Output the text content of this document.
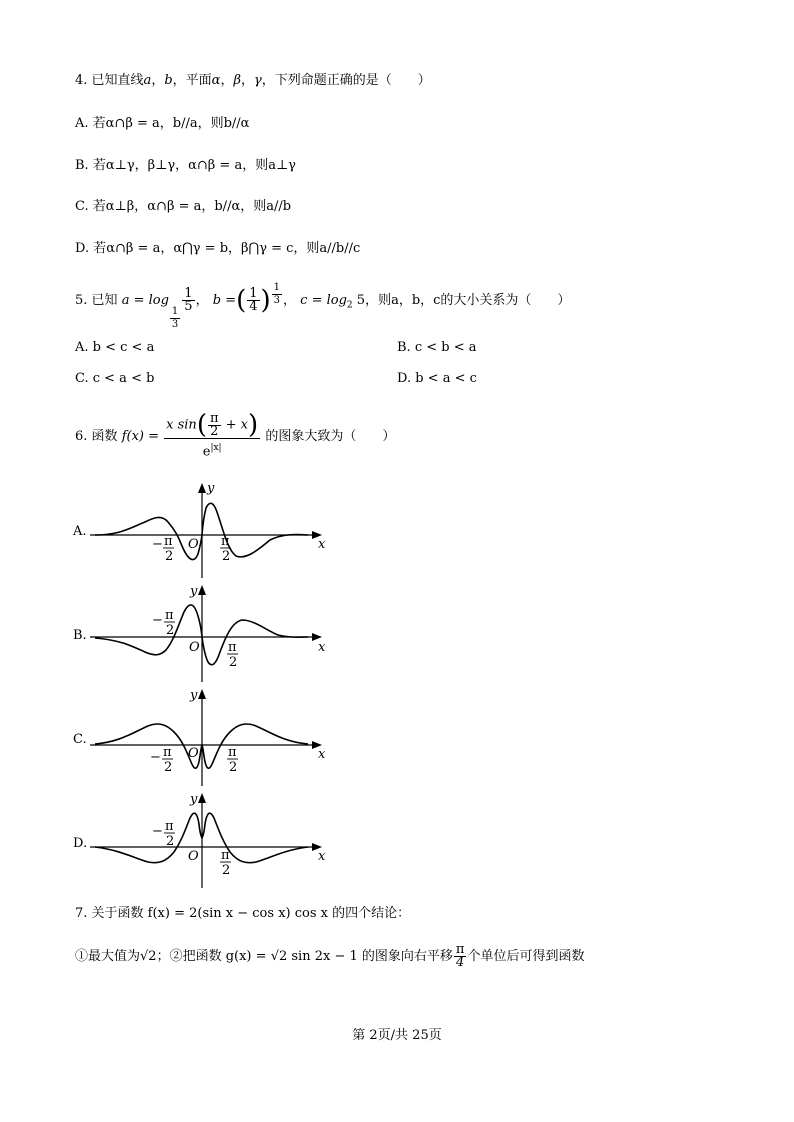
4. 已知直线a，b，平面α，β，γ，下列命题正确的是（　　）
A. 若α∩β = a，b//a，则b//α
B. 若α⊥γ，β⊥γ，α∩β = a，则a⊥γ
C. 若α⊥β，α∩β = a，b//α，则a//b
D. 若α∩β = a，α⋂γ = b，β⋂γ = c，则a//b//c
5. 已知 a = log
$\frac{1}{3}$
$\frac{1}{5}$ ， b =( $\frac{1}{4}$ ) $\frac{1}{3}$ ， $c = \log_2 5$，则a，b，c的大小关系为（　　）
A. b < c < a	B. c < b < a
C. c < a < b	D. b < a < c
6. 函数 $f(x) = \frac{x \sin( \frac{\pi}{2} + x)}{e^{|x|}}$ 的图象大致为（　　）
A.
y
x
O
− π
2
π
2
B.
y
x
O
− π
2
π
2
C.
y
x
O
− π
2
π
2
D.
y
x
O
− π
2
π
2
7. 关于函数 f(x) = 2(sin x − cos x) cos x 的四个结论：
①最大值为√2；②把函数 g(x) = √2 sin 2x − 1 的图象向右平移 $\frac{\pi}{4}$ 个单位后可得到函数
第 2页/共 25页
